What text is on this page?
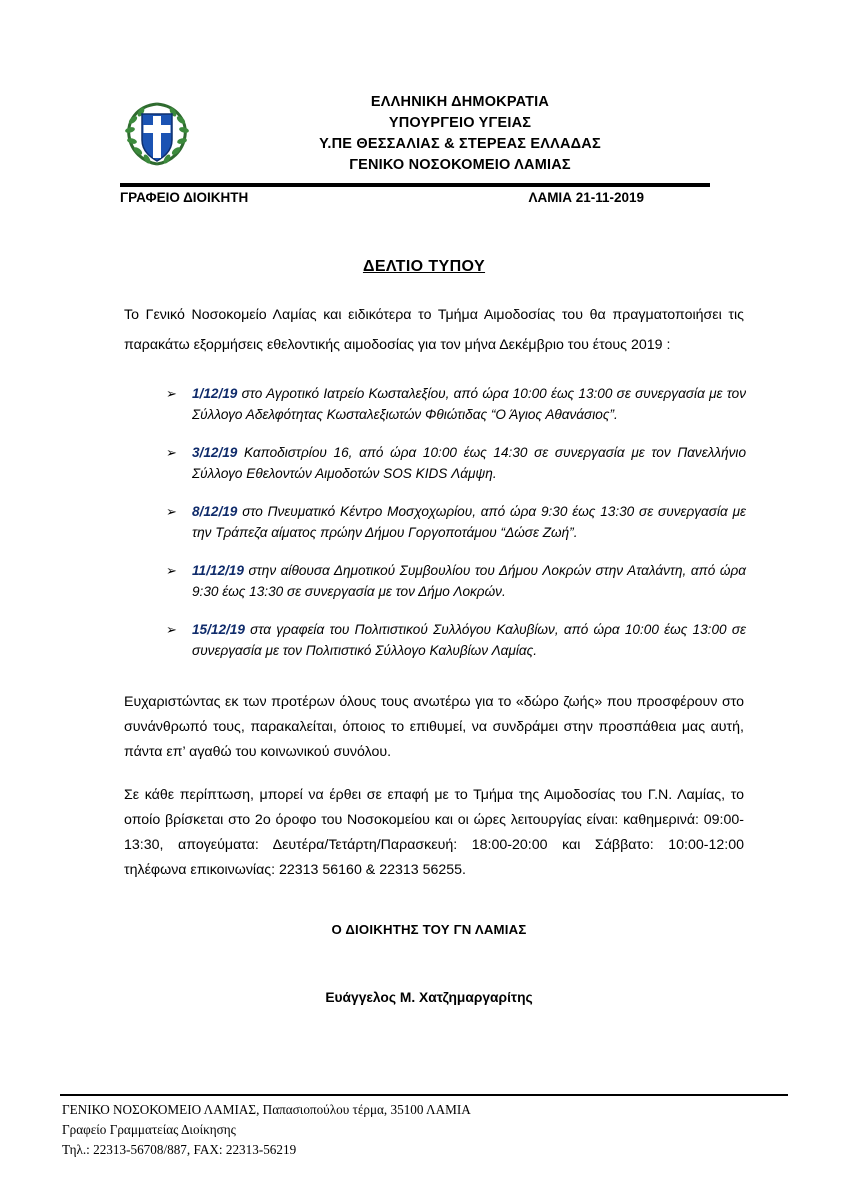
ΕΛΛΗΝΙΚΗ ΔΗΜΟΚΡΑΤΙΑ
ΥΠΟΥΡΓΕΙΟ ΥΓΕΙΑΣ
Υ.ΠΕ ΘΕΣΣΑΛΙΑΣ & ΣΤΕΡΕΑΣ ΕΛΛΑΔΑΣ
ΓΕΝΙΚΟ ΝΟΣΟΚΟΜΕΙΟ ΛΑΜΙΑΣ
ΓΡΑΦΕΙΟ ΔΙΟΙΚΗΤΗ	ΛΑΜΙΑ 21-11-2019
ΔΕΛΤΙΟ ΤΥΠΟΥ

Το Γενικό Νοσοκομείο Λαμίας και ειδικότερα το Τμήμα Αιμοδοσίας του θα πραγματοποιήσει τις παρακάτω εξορμήσεις εθελοντικής αιμοδοσίας για τον μήνα Δεκέμβριο του έτους 2019 :

➢ 1/12/19 στο Αγροτικό Ιατρείο Κωσταλεξίου, από ώρα 10:00 έως 13:00 σε συνεργασία με τον Σύλλογο Αδελφότητας Κωσταλεξιωτών Φθιώτιδας “Ο Άγιος Αθανάσιος”.
➢ 3/12/19 Καποδιστρίου 16, από ώρα 10:00 έως 14:30 σε συνεργασία με τον Πανελλήνιο Σύλλογο Εθελοντών Αιμοδοτών SOS KIDS Λάμψη.
➢ 8/12/19 στο Πνευματικό Κέντρο Μοσχοχωρίου, από ώρα 9:30 έως 13:30 σε συνεργασία με την Τράπεζα αίματος πρώην Δήμου Γοργοποτάμου “Δώσε Ζωή”.
➢ 11/12/19 στην αίθουσα Δημοτικού Συμβουλίου του Δήμου Λοκρών στην Αταλάντη, από ώρα 9:30 έως 13:30 σε συνεργασία με τον Δήμο Λοκρών.
➢ 15/12/19 στα γραφεία του Πολιτιστικού Συλλόγου Καλυβίων, από ώρα 10:00 έως 13:00 σε συνεργασία με τον Πολιτιστικό Σύλλογο Καλυβίων Λαμίας.

Ευχαριστώντας εκ των προτέρων όλους τους ανωτέρω για το «δώρο ζωής» που προσφέρουν στο συνάνθρωπό τους, παρακαλείται, όποιος το επιθυμεί, να συνδράμει στην προσπάθεια μας αυτή, πάντα επ’ αγαθώ του κοινωνικού συνόλου.

Σε κάθε περίπτωση, μπορεί να έρθει σε επαφή με το Τμήμα της Αιμοδοσίας του Γ.Ν. Λαμίας, το οποίο βρίσκεται στο 2ο όροφο του Νοσοκομείου και οι ώρες λειτουργίας είναι: καθημερινά: 09:00-13:30, απογεύματα: Δευτέρα/Τετάρτη/Παρασκευή: 18:00-20:00 και Σάββατο: 10:00-12:00 τηλέφωνα επικοινωνίας: 22313 56160 & 22313 56255.

Ο ΔΙΟΙΚΗΤΗΣ ΤΟΥ ΓΝ ΛΑΜΙΑΣ
Ευάγγελος Μ. Χατζημαργαρίτης
ΓΕΝΙΚΟ ΝΟΣΟΚΟΜΕΙΟ ΛΑΜΙΑΣ, Παπασιοπούλου τέρμα, 35100 ΛΑΜΙΑ
Γραφείο Γραμματείας Διοίκησης
Τηλ.: 22313-56708/887, FAX: 22313-56219
